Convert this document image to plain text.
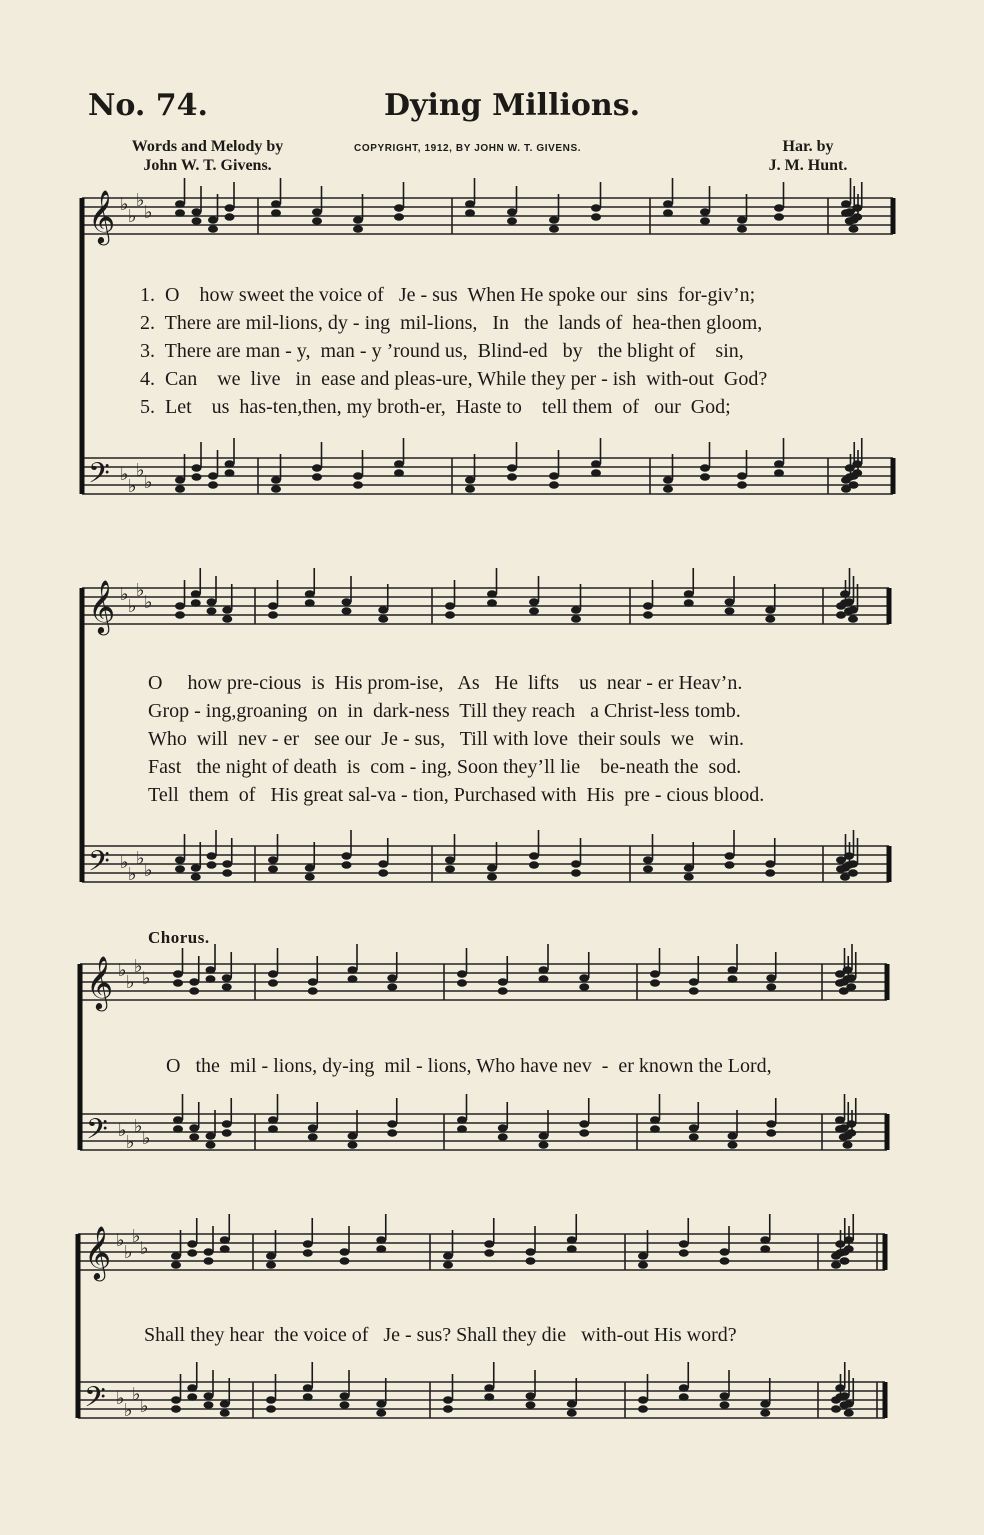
No. 74.	Dying Millions.
Words and Melody by
John W. T. Givens.
COPYRIGHT, 1912, BY JOHN W. T. GIVENS.	Har. by
J. M. Hunt.
𝄞 ♭
♭
♭
♭
𝄢 ♭
♭
♭
♭
𝄞 ♭
♭
♭
♭
𝄢 ♭
♭
♭
♭
𝄞 ♭
♭
♭
♭
𝄢 ♭
♭
♭
♭
𝄞 ♭
♭
♭
♭
𝄢 ♭
♭
♭
♭
1.  O    how sweet the voice of   Je - sus  When He spoke our  sins  for-giv’n;
2.  There are mil-lions, dy - ing  mil-lions,   In   the  lands of  hea-then gloom,
3.  There are man - y,  man - y ’round us,  Blind-ed   by   the blight of    sin,
4.  Can    we  live   in  ease and pleas-ure, While they per - ish  with-out  God?
5.  Let    us  has-ten,then, my broth-er,  Haste to    tell them  of   our  God;
O     how pre-cious  is  His prom-ise,   As   He  lifts    us  near - er Heav’n.
Grop - ing,groaning  on  in  dark-ness  Till they reach   a Christ-less tomb.
Who  will  nev - er   see our  Je - sus,   Till with love  their souls  we   win.
Fast   the night of death  is  com - ing, Soon they’ll lie    be-neath the  sod.
Tell  them  of   His great sal-va - tion, Purchased with  His  pre - cious blood.
Chorus.
O   the  mil - lions, dy-ing  mil - lions, Who have nev  -  er known the Lord,
Shall they hear  the voice of   Je - sus? Shall they die   with-out His word?
